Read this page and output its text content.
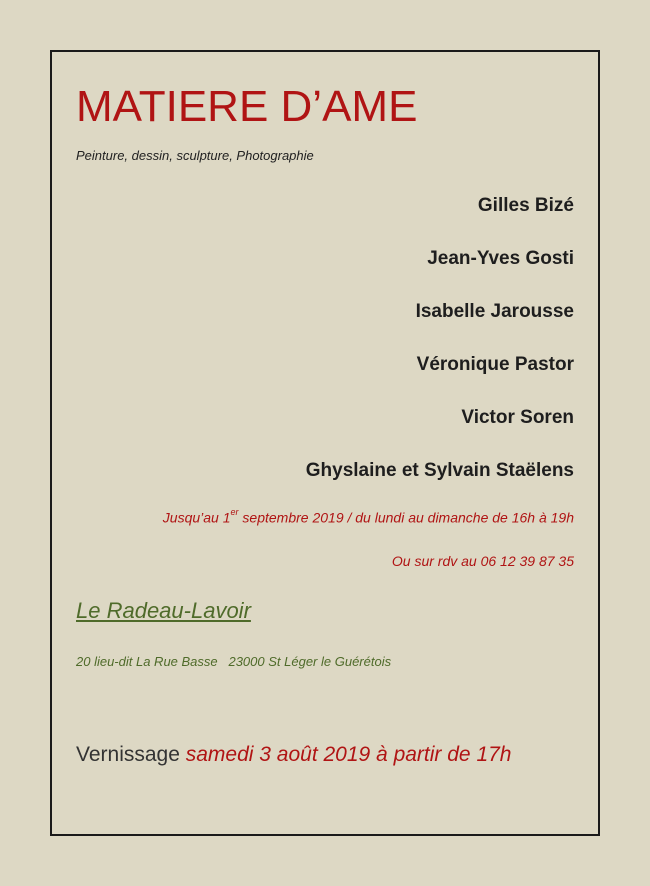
MATIERE D’AME
Peinture, dessin, sculpture, Photographie
Gilles Bizé
Jean-Yves Gosti
Isabelle Jarousse
Véronique Pastor
Victor Soren
Ghyslaine et Sylvain Staëlens
Jusqu’au 1er septembre 2019 / du lundi au dimanche de 16h à 19h
Ou sur rdv au 06 12 39 87 35
Le Radeau-Lavoir
20 lieu-dit La Rue Basse   23000 St Léger le Guérétois
Vernissage samedi 3 août 2019 à partir de 17h
